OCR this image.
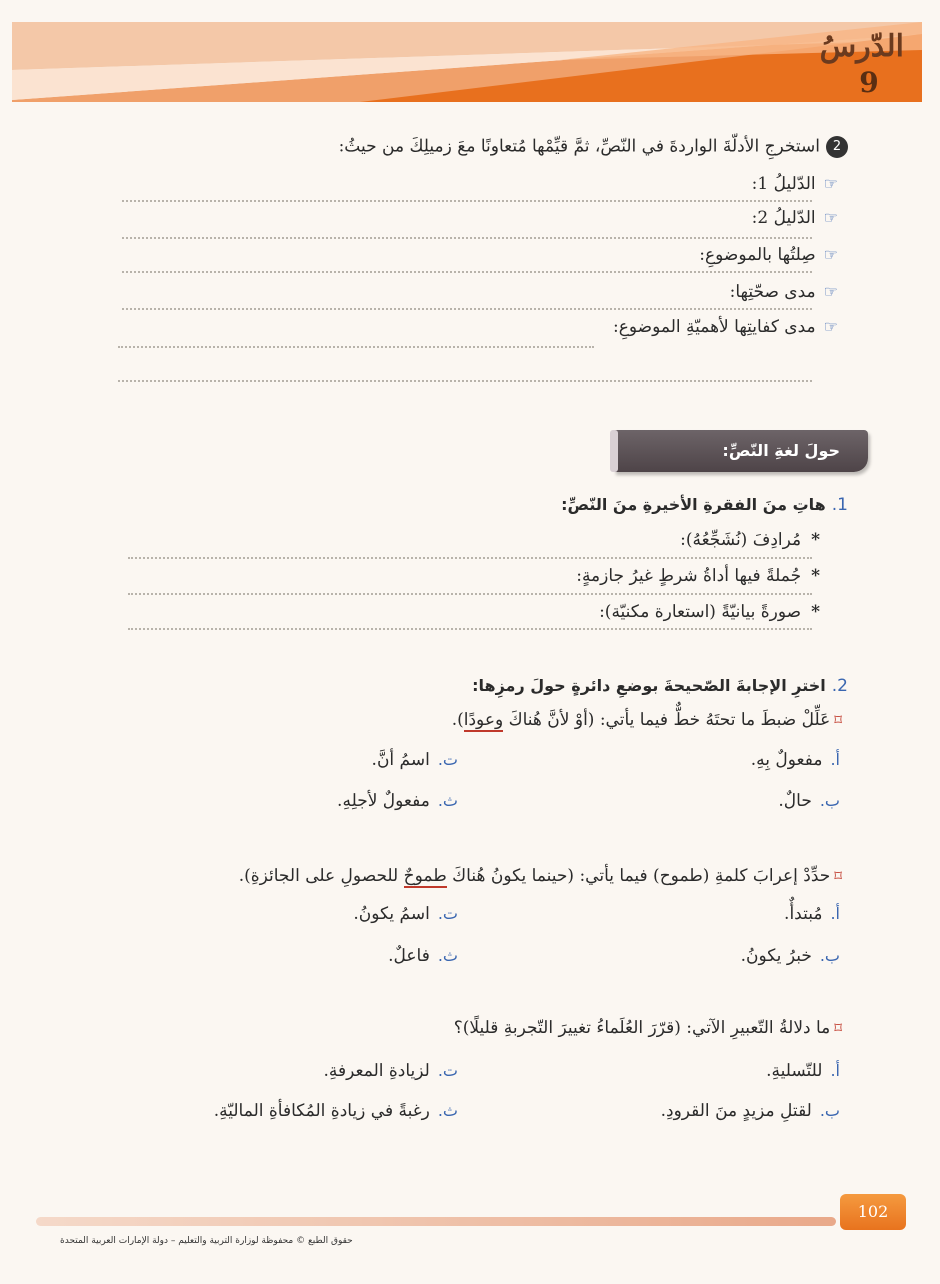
الدّرسُ
9
2استخرجِ الأدلّةَ الواردةَ في النّصِّ، ثمَّ قيِّمْها مُتعاونًا معَ زميلِكَ من حيثُ:
☞الدّليلُ 1:
☞الدّليلُ 2:
☞صِلتُها بالموضوعِ:
☞مدى صحّتِها:
☞مدى كفايتِها لأهميّةِ الموضوعِ:
حولَ لغةِ النّصِّ:
1.هاتِ منَ الفقرةِ الأخيرةِ منَ النّصِّ:
*مُرادِفَ (نُشَجِّعُهُ):
*جُملةً فيها أداةُ شرطٍ غيرُ جازمةٍ:
*صورةً بيانيّةً (استعارة مكنيّة):
2.اخترِ الإجابةَ الصّحيحةَ بوضعِ دائرةٍ حولَ رمزِها:
⌑عَلِّلْ ضبطَ ما تحتَهُ خطٌّ فيما يأتي: (أوْ لأنَّ هُناكَ وعودًا).
أ.مفعولٌ بِهِ.
ت.اسمُ أنَّ.
ب.حالٌ.
ث.مفعولٌ لأجلِهِ.
⌑حدِّدْ إعرابَ كلمةِ (طموح) فيما يأتي: (حينما يكونُ هُناكَ طموحٌ للحصولِ على الجائزةِ).
أ.مُبتدأٌ.
ت.اسمُ يكونُ.
ب.خبرُ يكونُ.
ث.فاعلٌ.
⌑ما دلالةُ التّعبيرِ الآتي: (قرّرَ العُلَماءُ تغييرَ التّجربةِ قليلًا)؟
أ.للتّسليةِ.
ت.لزيادةِ المعرفةِ.
ب.لقتلِ مزيدٍ منَ القرودِ.
ث.رغبةً في زيادةِ المُكافأةِ الماليّةِ.
102
حقوق الطبع © محفوظة لوزارة التربية والتعليم – دولة الإمارات العربية المتحدة
